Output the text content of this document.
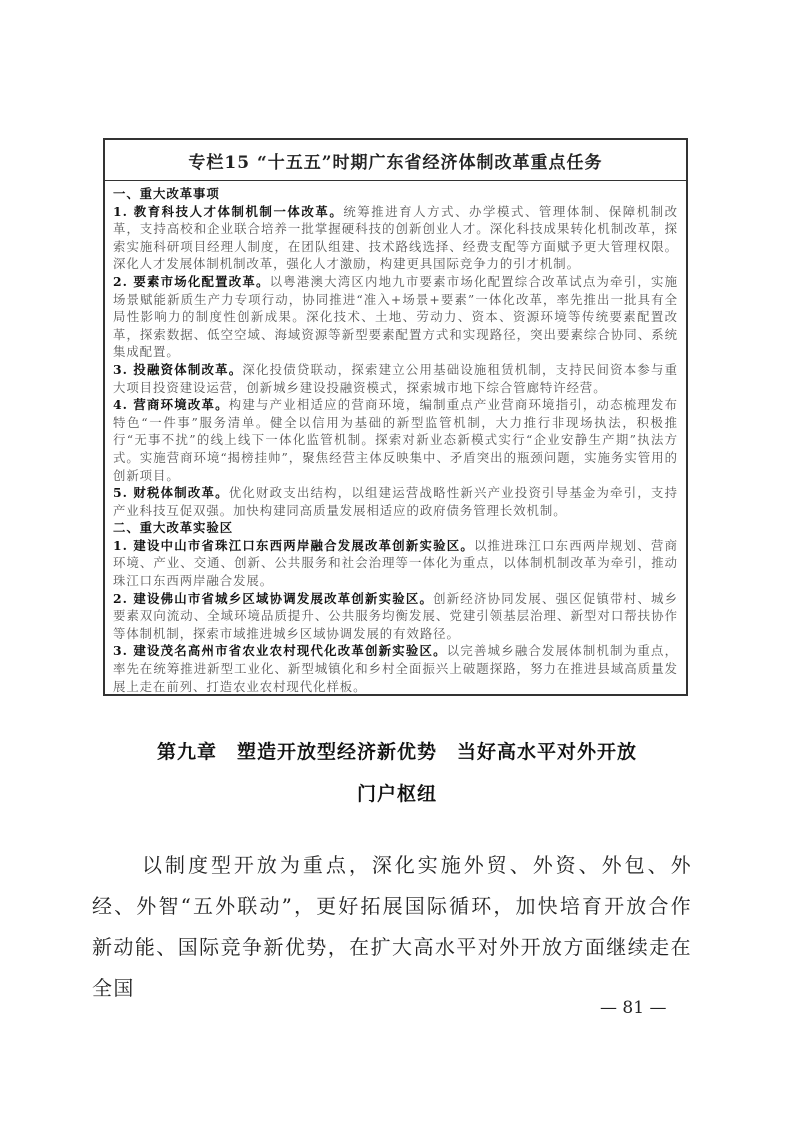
专栏15 “十五五”时期广东省经济体制改革重点任务

一、重大改革事项

1. 教育科技人才体制机制一体改革。统筹推进育人方式、办学模式、管理体制、保障机制改革，支持高校和企业联合培养一批掌握硬科技的创新创业人才。深化科技成果转化机制改革，探索实施科研项目经理人制度，在团队组建、技术路线选择、经费支配等方面赋予更大管理权限。深化人才发展体制机制改革，强化人才激励，构建更具国际竞争力的引才机制。

2. 要素市场化配置改革。以粤港澳大湾区内地九市要素市场化配置综合改革试点为牵引，实施场景赋能新质生产力专项行动，协同推进“准入+场景+要素”一体化改革，率先推出一批具有全局性影响力的制度性创新成果。深化技术、土地、劳动力、资本、资源环境等传统要素配置改革，探索数据、低空空域、海域资源等新型要素配置方式和实现路径，突出要素综合协同、系统集成配置。

3. 投融资体制改革。深化投债贷联动，探索建立公用基础设施租赁机制，支持民间资本参与重大项目投资建设运营，创新城乡建设投融资模式，探索城市地下综合管廊特许经营。

4. 营商环境改革。构建与产业相适应的营商环境，编制重点产业营商环境指引，动态梳理发布特色“一件事”服务清单。健全以信用为基础的新型监管机制，大力推行非现场执法，积极推行“无事不扰”的线上线下一体化监管机制。探索对新业态新模式实行“企业安静生产期”执法方式。实施营商环境“揭榜挂帅”，聚焦经营主体反映集中、矛盾突出的瓶颈问题，实施务实管用的创新项目。

5. 财税体制改革。优化财政支出结构，以组建运营战略性新兴产业投资引导基金为牵引，支持产业科技互促双强。加快构建同高质量发展相适应的政府债务管理长效机制。

二、重大改革实验区

1. 建设中山市省珠江口东西两岸融合发展改革创新实验区。以推进珠江口东西两岸规划、营商环境、产业、交通、创新、公共服务和社会治理等一体化为重点，以体制机制改革为牵引，推动珠江口东西两岸融合发展。

2. 建设佛山市省城乡区域协调发展改革创新实验区。创新经济协同发展、强区促镇带村、城乡要素双向流动、全域环境品质提升、公共服务均衡发展、党建引领基层治理、新型对口帮扶协作等体制机制，探索市域推进城乡区域协调发展的有效路径。

3. 建设茂名高州市省农业农村现代化改革创新实验区。以完善城乡融合发展体制机制为重点，率先在统筹推进新型工业化、新型城镇化和乡村全面振兴上破题探路，努力在推进县域高质量发展上走在前列、打造农业农村现代化样板。

第九章　塑造开放型经济新优势　当好高水平对外开放
门户枢纽
以制度型开放为重点，深化实施外贸、外资、外包、外经、外智“五外联动”，更好拓展国际循环，加快培育开放合作新动能、国际竞争新优势，在扩大高水平对外开放方面继续走在全国
— 81 —
